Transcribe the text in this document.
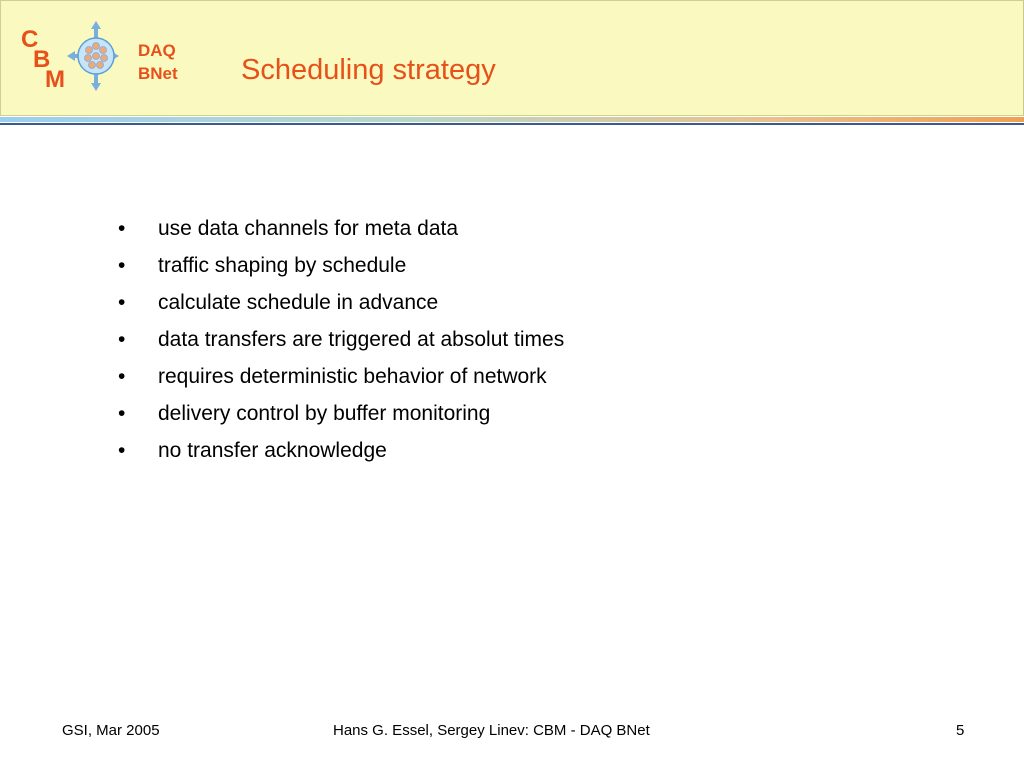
C
B
M
DAQ
BNet Scheduling strategy
• use data channels for meta data
• traffic shaping by schedule
• calculate schedule in advance
• data transfers are triggered at absolut times
• requires deterministic behavior of network
• delivery control by buffer monitoring
• no transfer acknowledge
GSI, Mar 2005	Hans G. Essel, Sergey Linev: CBM - DAQ BNet	5
